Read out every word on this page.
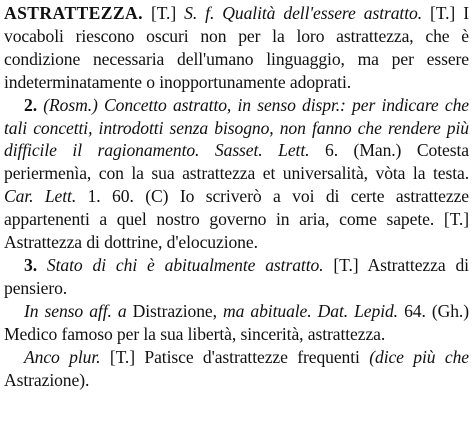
ASTRATTEZZA. [T.] S. f. Qualità dell'essere astratto. [T.] I vocaboli riescono oscuri non per la loro astrattezza, che è condizione necessaria dell'umano linguaggio, ma per essere indeterminatamente o inopportunamente adoprati.

2. (Rosm.) Concetto astratto, in senso dispr.: per indicare che tali concetti, introdotti senza bisogno, non fanno che rendere più difficile il ragionamento. Sasset. Lett. 6. (Man.) Cotesta periermenìa, con la sua astrattezza et universalità, vòta la testa. Car. Lett. 1. 60. (C) Io scriverò a voi di certe astrattezze appartenenti a quel nostro governo in aria, come sapete. [T.] Astrattezza di dottrine, d'elocuzione.

3. Stato di chi è abitualmente astratto. [T.] Astrattezza di pensiero.

In senso aff. a Distrazione, ma abituale. Dat. Lepid. 64. (Gh.) Medico famoso per la sua libertà, sincerità, astrattezza.

Anco plur. [T.] Patisce d'astrattezze frequenti (dice più che Astrazione).
